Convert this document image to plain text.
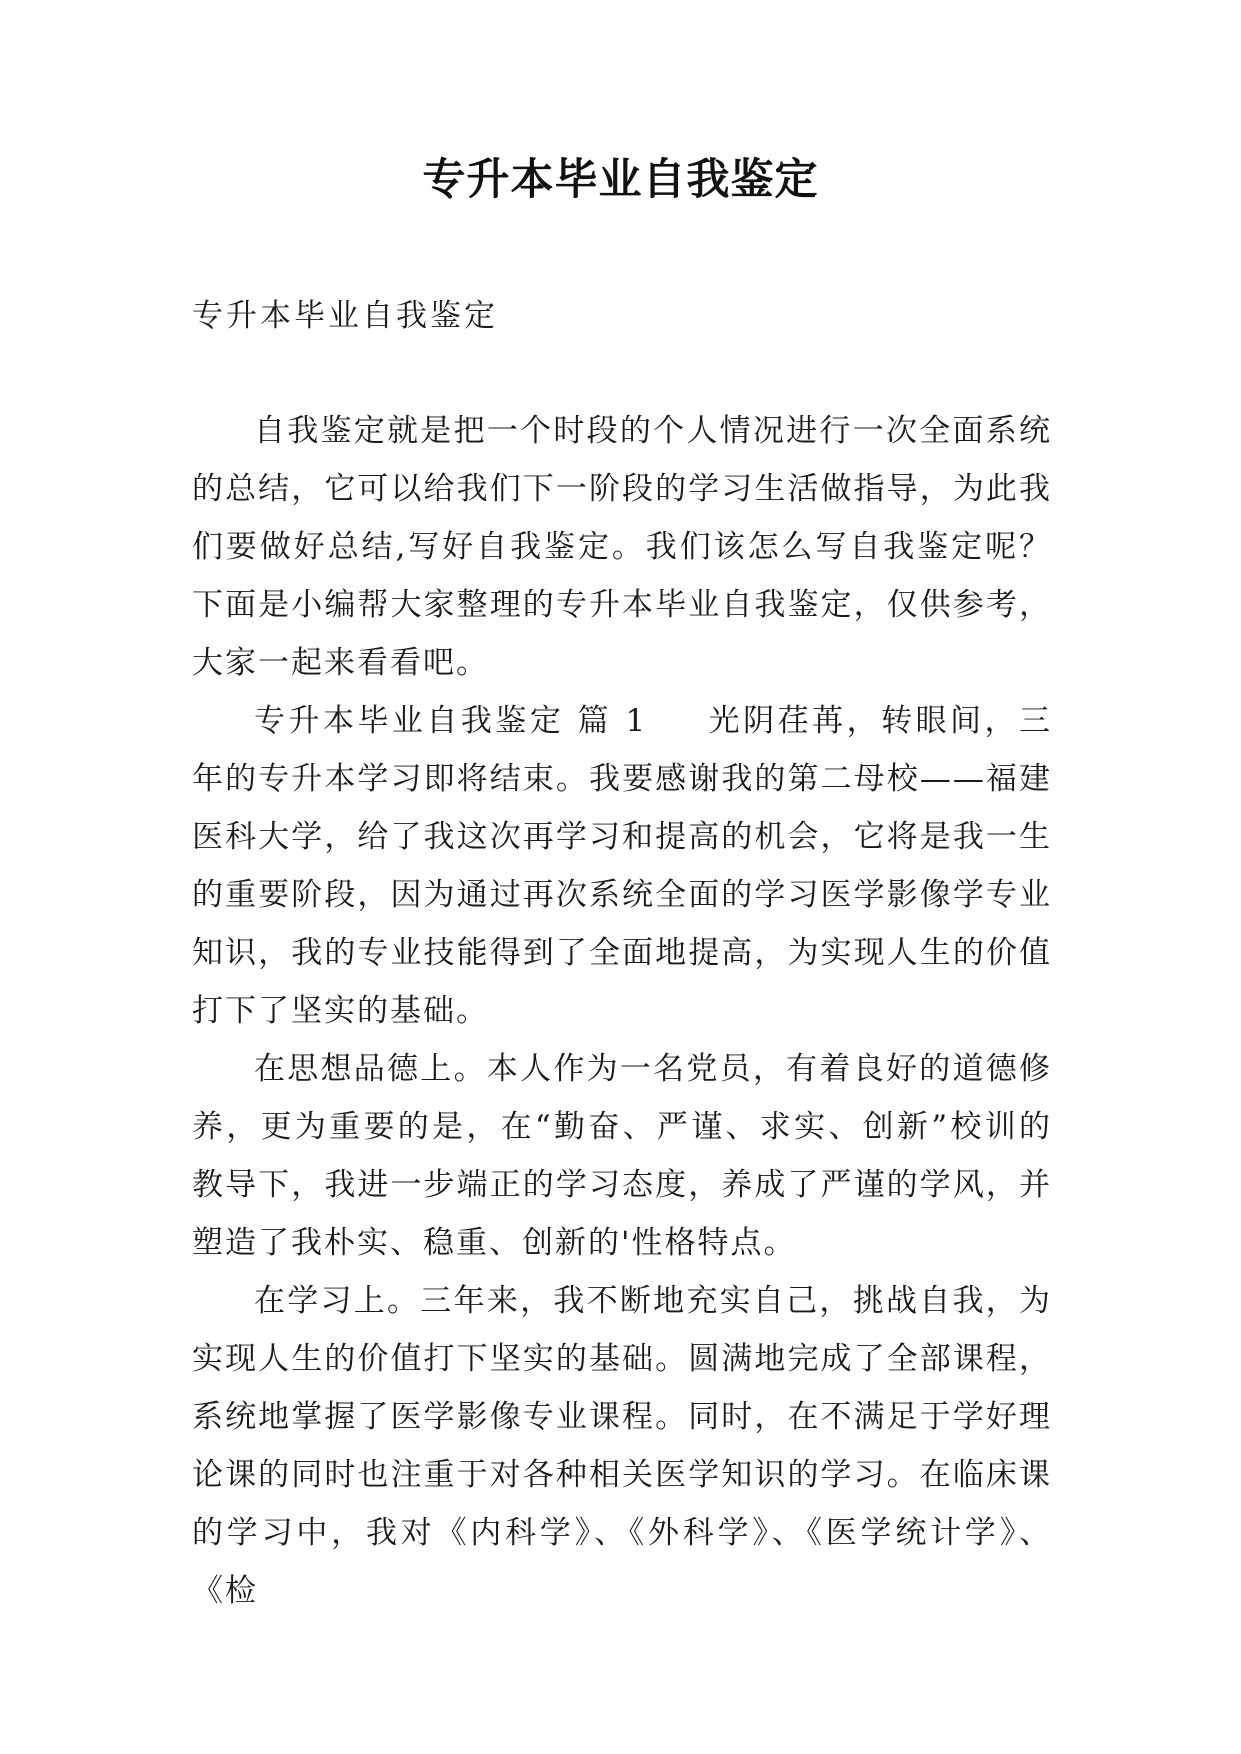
专升本毕业自我鉴定

专升本毕业自我鉴定

自我鉴定就是把一个时段的个人情况进行一次全面系统的总结，它可以给我们下一阶段的学习生活做指导，为此我们要做好总结,写好自我鉴定。我们该怎么写自我鉴定呢？下面是小编帮大家整理的专升本毕业自我鉴定，仅供参考，大家一起来看看吧。

专升本毕业自我鉴定 篇 1 光阴荏苒，转眼间，三年的专升本学习即将结束。我要感谢我的第二母校——福建医科大学，给了我这次再学习和提高的机会，它将是我一生的重要阶段，因为通过再次系统全面的学习医学影像学专业知识，我的专业技能得到了全面地提高，为实现人生的价值打下了坚实的基础。

在思想品德上。本人作为一名党员，有着良好的道德修养，更为重要的是，在“勤奋、严谨、求实、创新”校训的教导下，我进一步端正的学习态度，养成了严谨的学风，并塑造了我朴实、稳重、创新的'性格特点。

在学习上。三年来，我不断地充实自己，挑战自我，为实现人生的价值打下坚实的基础。圆满地完成了全部课程，系统地掌握了医学影像专业课程。同时，在不满足于学好理论课的同时也注重于对各种相关医学知识的学习。在临床课的学习中，我对《内科学》、《外科学》、《医学统计学》、《检
